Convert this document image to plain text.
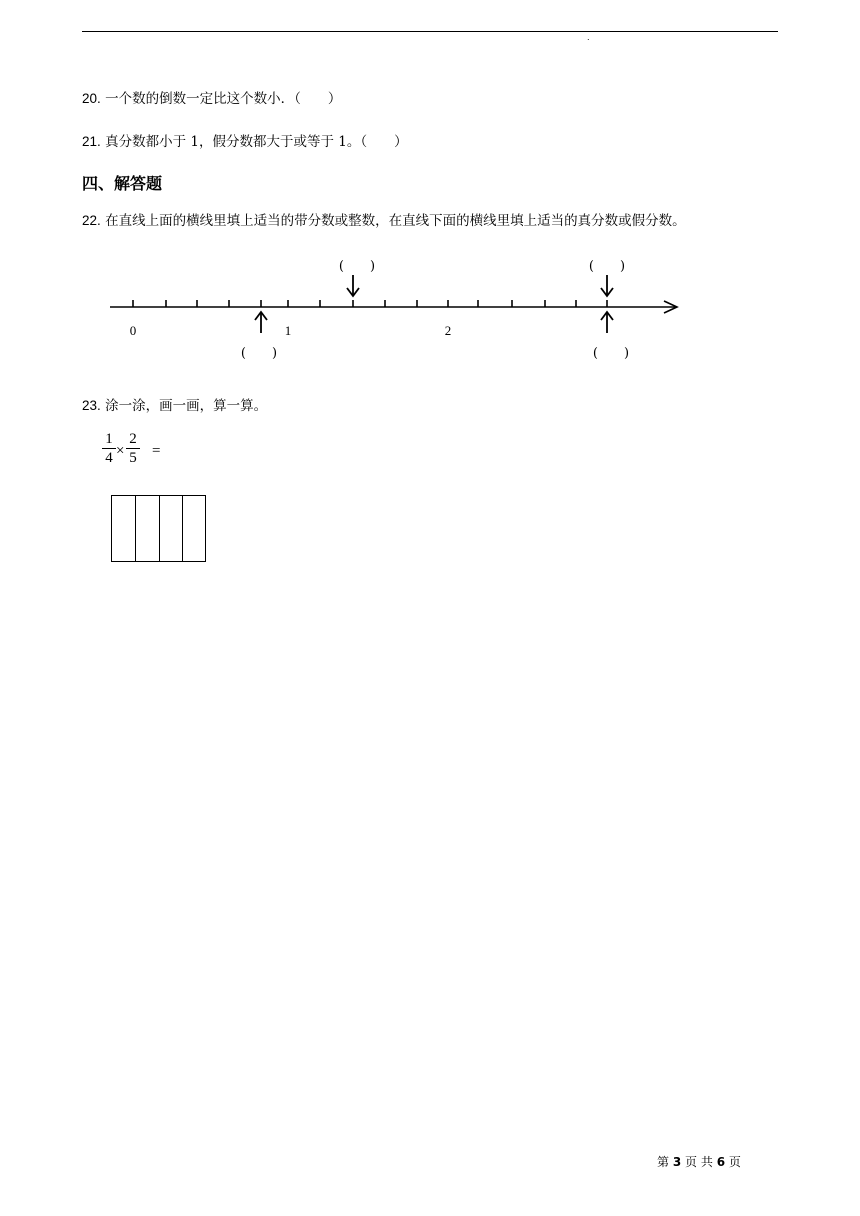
.
20. 一个数的倒数一定比这个数小．（　　）
21. 真分数都小于 1，假分数都大于或等于 1。（　　）
四、解答题
22. 在直线上面的横线里填上适当的带分数或整数，在直线下面的横线里填上适当的真分数或假分数。
0	1	2
(　　)	(　　)
(　　)	(　　)
23. 涂一涂，画一画，算一算。
1
4 ×
2
5 =
第 3 页 共 6 页
